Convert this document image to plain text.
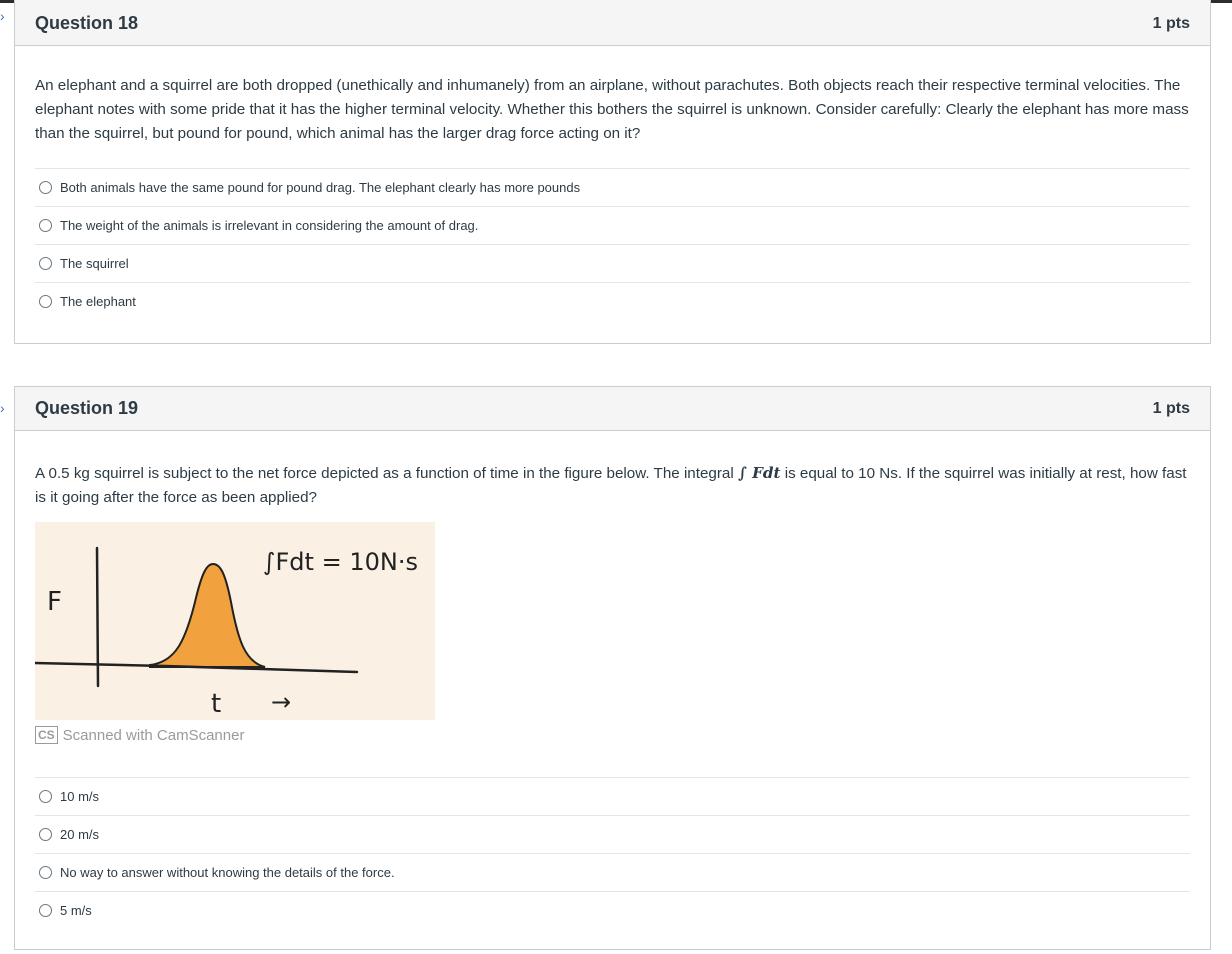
›
›
Question 18	1 pts
An elephant and a squirrel are both dropped (unethically and inhumanely) from an airplane, without parachutes. Both objects reach their respective terminal velocities. The elephant notes with some pride that it has the higher terminal velocity. Whether this bothers the squirrel is unknown. Consider carefully: Clearly the elephant has more mass than the squirrel, but pound for pound, which animal has the larger drag force acting on it?
Both animals have the same pound for pound drag. The elephant clearly has more pounds
The weight of the animals is irrelevant in considering the amount of drag.
The squirrel
The elephant
Question 19	1 pts
A 0.5 kg squirrel is subject to the net force depicted as a function of time in the figure below. The integral ∫ Fdt is equal to 10 Ns. If the squirrel was initially at rest, how fast is it going after the force as been applied?
F
t →
∫Fdt = 10N·s
CS Scanned with CamScanner
10 m/s
20 m/s
No way to answer without knowing the details of the force.
5 m/s
